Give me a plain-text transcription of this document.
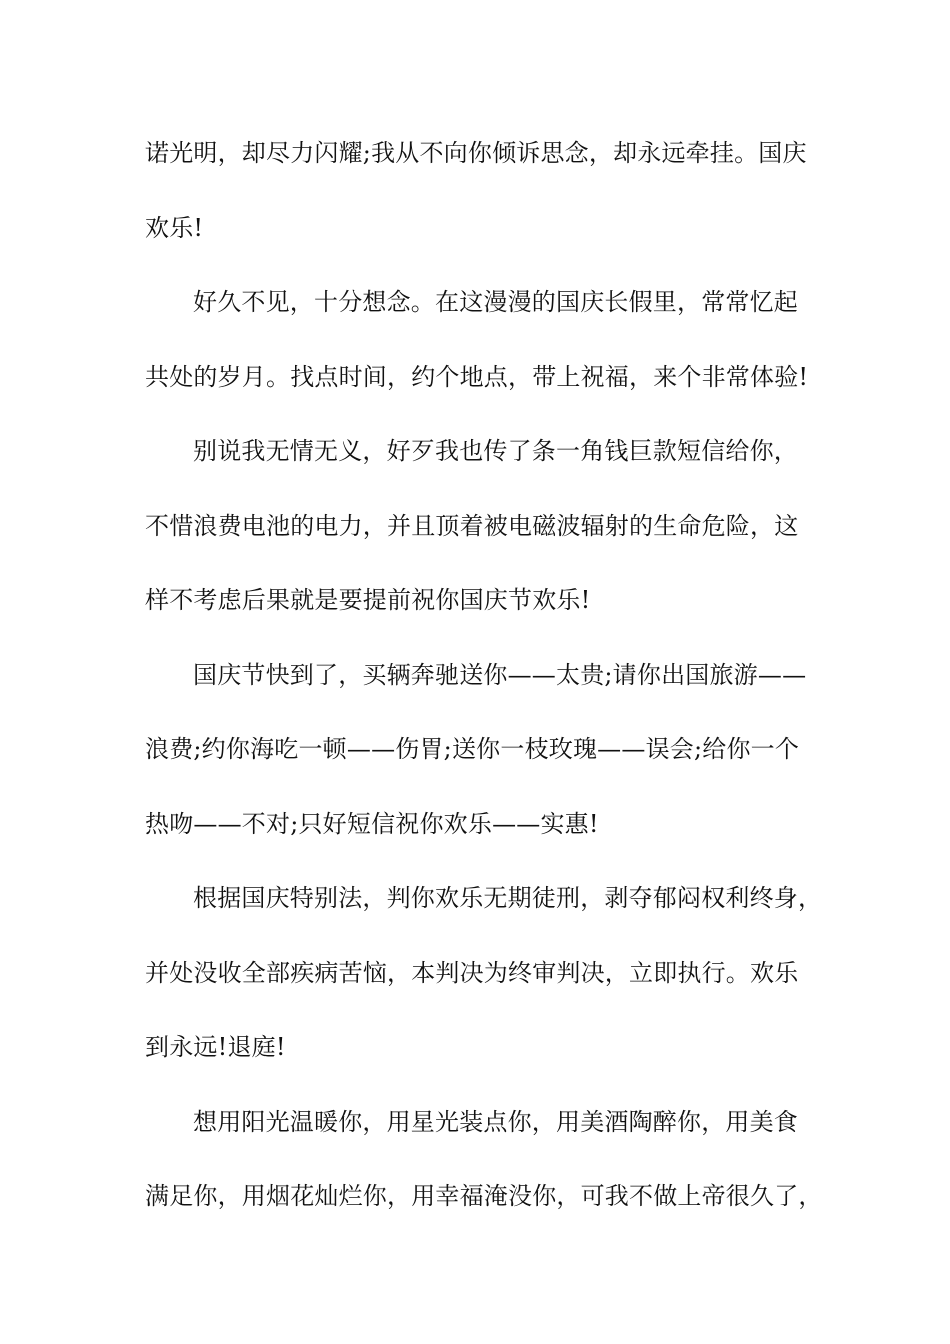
诺光明，却尽力闪耀;我从不向你倾诉思念，却永远牵挂。国庆
欢乐!
好久不见，十分想念。在这漫漫的国庆长假里，常常忆起
共处的岁月。找点时间，约个地点，带上祝福，来个非常体验!
别说我无情无义，好歹我也传了条一角钱巨款短信给你，
不惜浪费电池的电力，并且顶着被电磁波辐射的生命危险，这
样不考虑后果就是要提前祝你国庆节欢乐!
国庆节快到了，买辆奔驰送你——太贵;请你出国旅游——
浪费;约你海吃一顿——伤胃;送你一枝玫瑰——误会;给你一个
热吻——不对;只好短信祝你欢乐——实惠!
根据国庆特别法，判你欢乐无期徒刑，剥夺郁闷权利终身，
并处没收全部疾病苦恼，本判决为终审判决，立即执行。欢乐
到永远!退庭!
想用阳光温暖你，用星光装点你，用美酒陶醉你，用美食
满足你，用烟花灿烂你，用幸福淹没你，可我不做上帝很久了，
